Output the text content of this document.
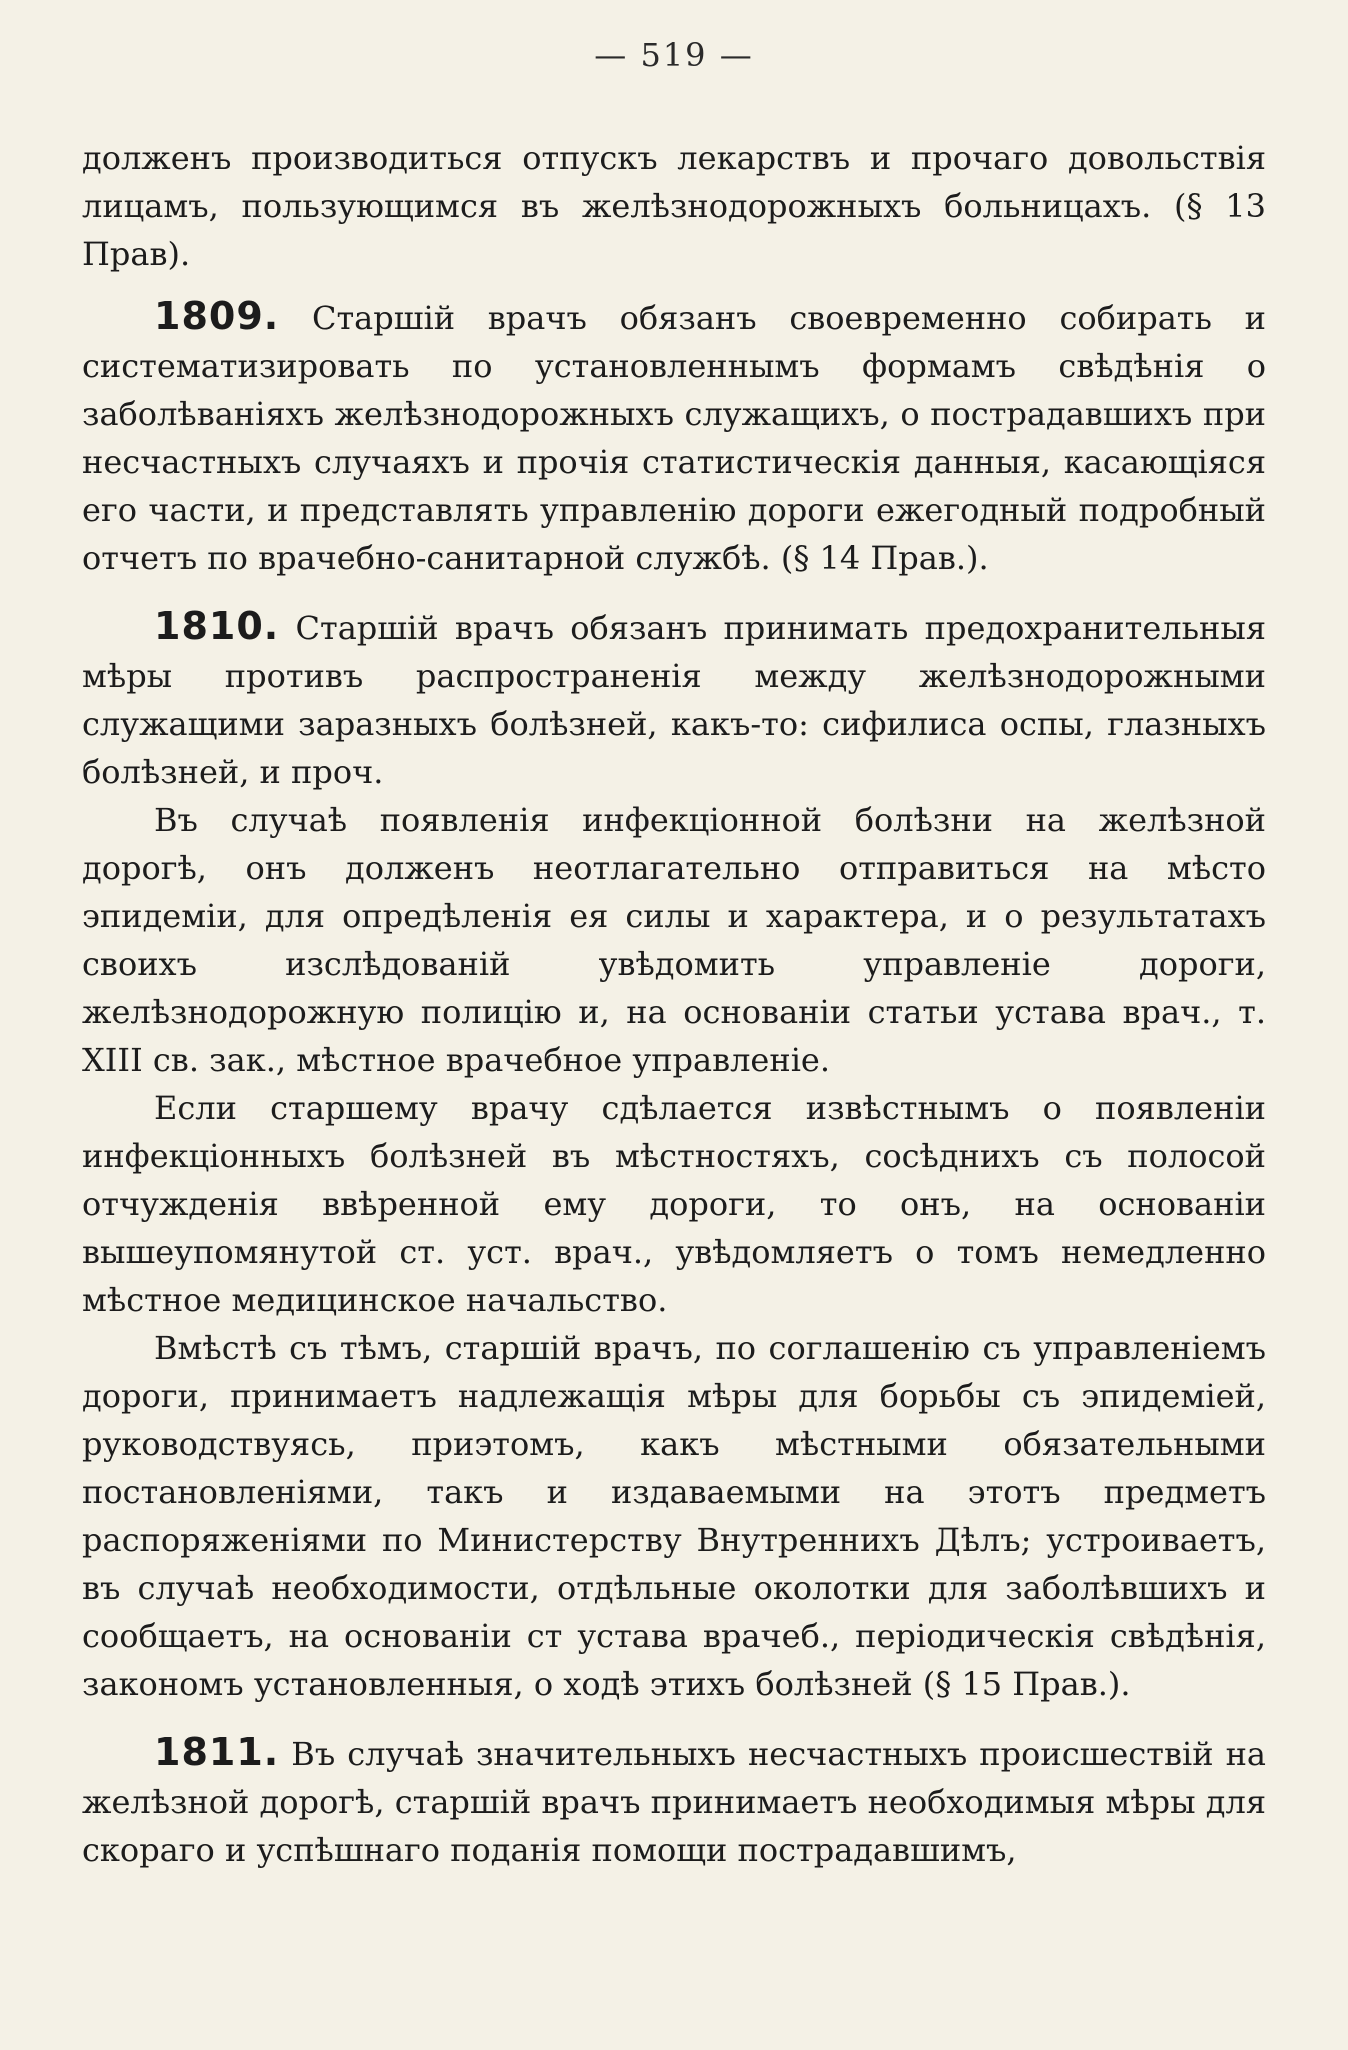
— 519 —

долженъ производиться отпускъ лекарствъ и прочаго довольствія лицамъ, пользующимся въ желѣзнодорожныхъ больницахъ. (§ 13 Прав).

1809. Старшій врачъ обязанъ своевременно собирать и систематизировать по установленнымъ формамъ свѣдѣнія о заболѣваніяхъ желѣзнодорожныхъ служащихъ, о пострадавшихъ при несчастныхъ случаяхъ и прочія статистическія данныя, касающіяся его части, и представлять управленію дороги ежегодный подробный отчетъ по врачебно-санитарной службѣ. (§ 14 Прав.).

1810. Старшій врачъ обязанъ принимать предохранительныя мѣры противъ распространенія между желѣзнодорожными служащими заразныхъ болѣзней, какъ-то: сифилиса оспы, глазныхъ болѣзней, и проч.

Въ случаѣ появленія инфекціонной болѣзни на желѣзной дорогѣ, онъ долженъ неотлагательно отправиться на мѣсто эпидеміи, для опредѣленія ея силы и характера, и о результатахъ своихъ изслѣдованій увѣдомить управленіе дороги, желѣзнодорожную полицію и, на основаніи статьи устава врач., т. XIII св. зак., мѣстное врачебное управленіе.

Если старшему врачу сдѣлается извѣстнымъ о появленіи инфекціонныхъ болѣзней въ мѣстностяхъ, сосѣднихъ съ полосой отчужденія ввѣренной ему дороги, то онъ, на основаніи вышеупомянутой ст. уст. врач., увѣдомляетъ о томъ немедленно мѣстное медицинское начальство.

Вмѣстѣ съ тѣмъ, старшій врачъ, по соглашенію съ управленіемъ дороги, принимаетъ надлежащія мѣры для борьбы съ эпидеміей, руководствуясь, приэтомъ, какъ мѣстными обязательными постановленіями, такъ и издаваемыми на этотъ предметъ распоряженіями по Министерству Внутреннихъ Дѣлъ; устроиваетъ, въ случаѣ необходимости, отдѣльные околотки для заболѣвшихъ и сообщаетъ, на основаніи ст устава врачеб., періодическія свѣдѣнія, закономъ установленныя, о ходѣ этихъ болѣзней (§ 15 Прав.).

1811. Въ случаѣ значительныхъ несчастныхъ происшествій на желѣзной дорогѣ, старшій врачъ принимаетъ необходимыя мѣры для скораго и успѣшнаго поданія помощи пострадавшимъ,
